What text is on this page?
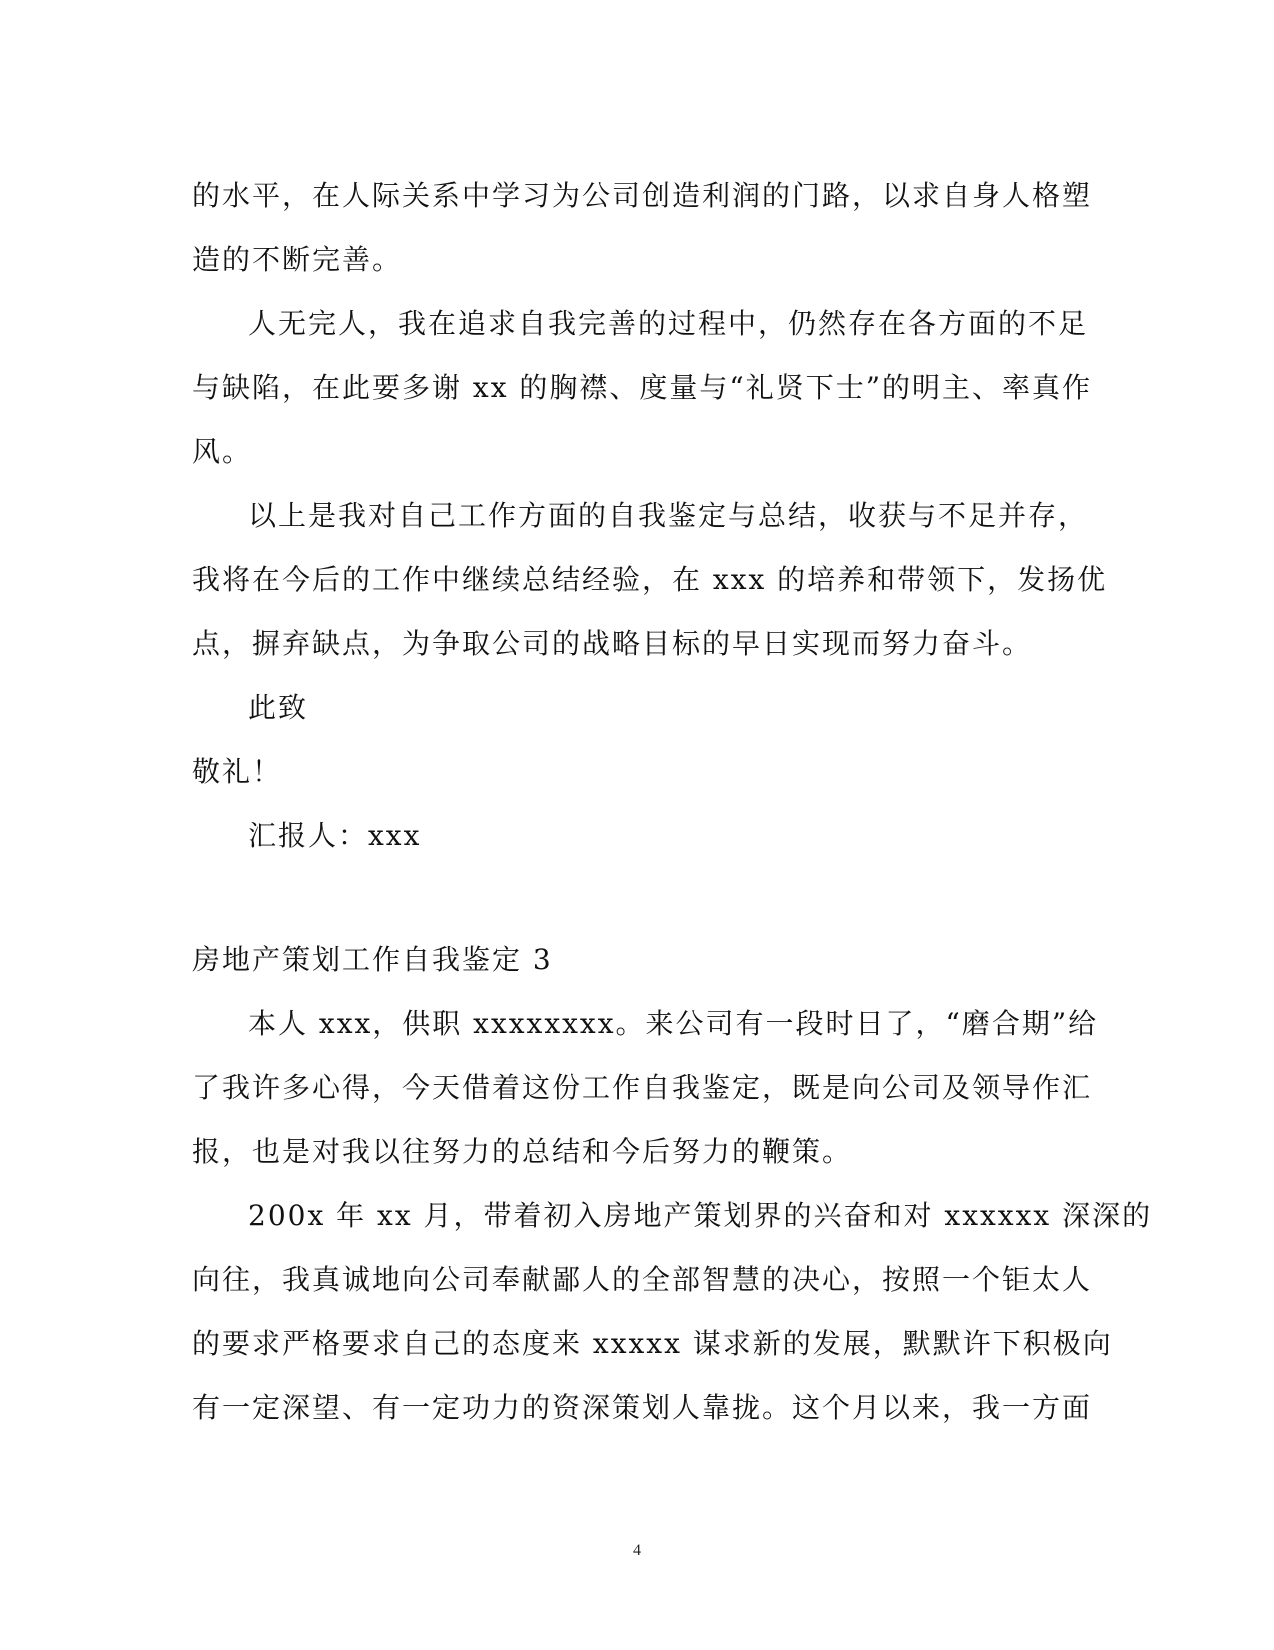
的水平，在人际关系中学习为公司创造利润的门路，以求自身人格塑
造的不断完善。
人无完人，我在追求自我完善的过程中，仍然存在各方面的不足
与缺陷，在此要多谢 xx 的胸襟、度量与“礼贤下士”的明主、率真作
风。
以上是我对自己工作方面的自我鉴定与总结，收获与不足并存，
我将在今后的工作中继续总结经验，在 xxx 的培养和带领下，发扬优
点，摒弃缺点，为争取公司的战略目标的早日实现而努力奋斗。
此致
敬礼！
汇报人：xxx
房地产策划工作自我鉴定 3
本人 xxx，供职 xxxxxxxx。来公司有一段时日了，“磨合期”给
了我许多心得，今天借着这份工作自我鉴定，既是向公司及领导作汇
报，也是对我以往努力的总结和今后努力的鞭策。
200x 年 xx 月，带着初入房地产策划界的兴奋和对 xxxxxx 深深的
向往，我真诚地向公司奉献鄙人的全部智慧的决心，按照一个钜太人
的要求严格要求自己的态度来 xxxxx 谋求新的发展，默默许下积极向
有一定深望、有一定功力的资深策划人靠拢。这个月以来，我一方面
4
